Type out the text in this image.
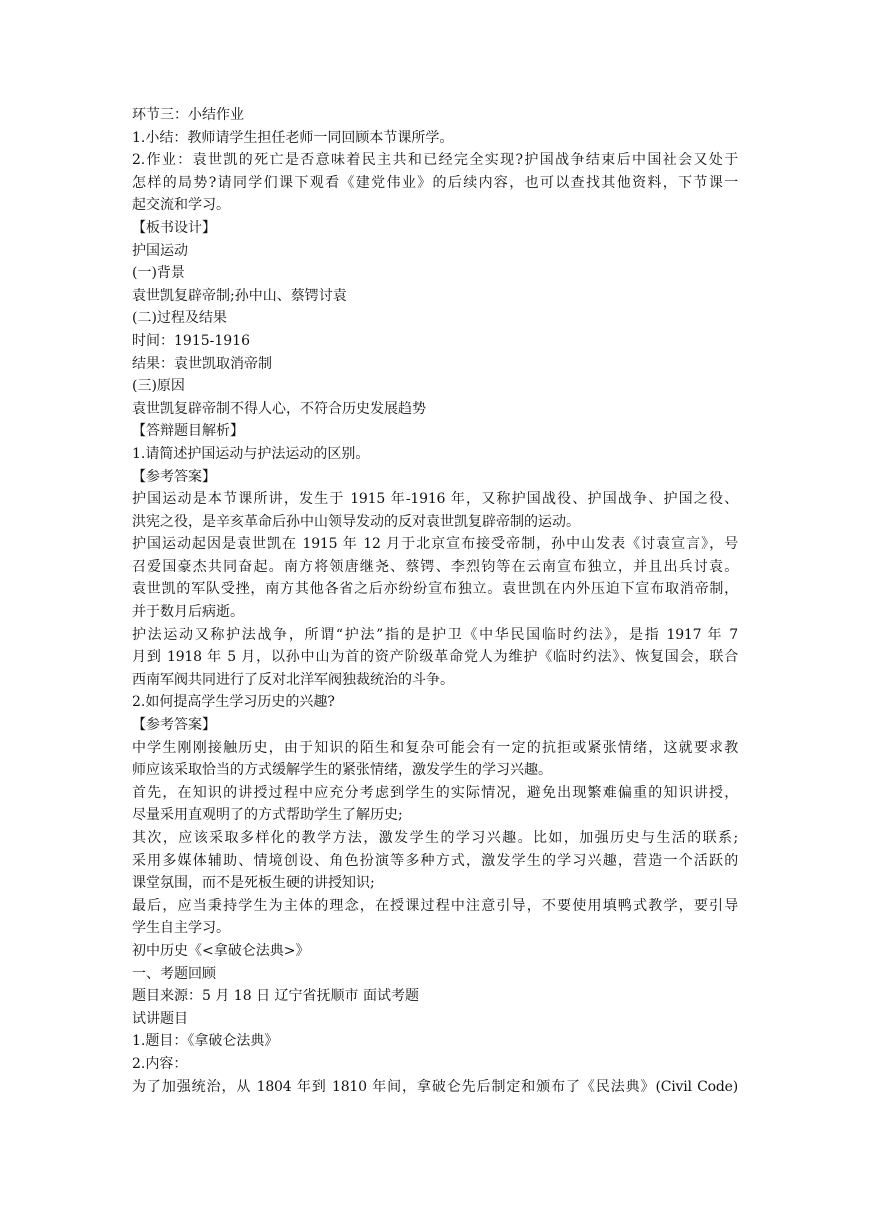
环节三：小结作业
1.小结：教师请学生担任老师一同回顾本节课所学。
2.作业：袁世凯的死亡是否意味着民主共和已经完全实现?护国战争结束后中国社会又处于
怎样的局势?请同学们课下观看《建党伟业》的后续内容，也可以查找其他资料，下节课一
起交流和学习。
【板书设计】
护国运动
(一)背景
袁世凯复辟帝制;孙中山、蔡锷讨袁
(二)过程及结果
时间：1915-1916
结果：袁世凯取消帝制
(三)原因
袁世凯复辟帝制不得人心，不符合历史发展趋势
【答辩题目解析】
1.请简述护国运动与护法运动的区别。
【参考答案】
护国运动是本节课所讲，发生于 1915 年-1916 年，又称护国战役、护国战争、护国之役、
洪宪之役，是辛亥革命后孙中山领导发动的反对袁世凯复辟帝制的运动。
护国运动起因是袁世凯在 1915 年 12 月于北京宣布接受帝制，孙中山发表《讨袁宣言》，号
召爱国豪杰共同奋起。南方将领唐继尧、蔡锷、李烈钧等在云南宣布独立，并且出兵讨袁。
袁世凯的军队受挫，南方其他各省之后亦纷纷宣布独立。袁世凯在内外压迫下宣布取消帝制，
并于数月后病逝。
护法运动又称护法战争，所谓“护法”指的是护卫《中华民国临时约法》，是指 1917 年 7
月到 1918 年 5 月，以孙中山为首的资产阶级革命党人为维护《临时约法》、恢复国会，联合
西南军阀共同进行了反对北洋军阀独裁统治的斗争。
2.如何提高学生学习历史的兴趣?
【参考答案】
中学生刚刚接触历史，由于知识的陌生和复杂可能会有一定的抗拒或紧张情绪，这就要求教
师应该采取恰当的方式缓解学生的紧张情绪，激发学生的学习兴趣。
首先，在知识的讲授过程中应充分考虑到学生的实际情况，避免出现繁难偏重的知识讲授，
尽量采用直观明了的方式帮助学生了解历史;
其次，应该采取多样化的教学方法，激发学生的学习兴趣。比如，加强历史与生活的联系;
采用多媒体辅助、情境创设、角色扮演等多种方式，激发学生的学习兴趣，营造一个活跃的
课堂氛围，而不是死板生硬的讲授知识;
最后，应当秉持学生为主体的理念，在授课过程中注意引导，不要使用填鸭式教学，要引导
学生自主学习。
初中历史《<拿破仑法典>》
一、考题回顾
题目来源：5 月 18 日 辽宁省抚顺市 面试考题
试讲题目
1.题目：《拿破仑法典》
2.内容：
为了加强统治，从 1804 年到 1810 年间，拿破仑先后制定和颁布了《民法典》(Civil Code)
